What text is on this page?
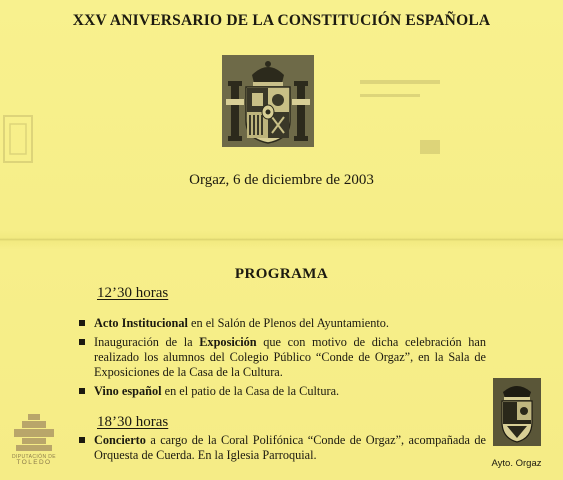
XXV ANIVERSARIO DE LA CONSTITUCIÓN ESPAÑOLA

Orgaz, 6 de diciembre de 2003

PROGRAMA
12’30 horas
Acto Institucional en el Salón de Plenos del Ayuntamiento.
Inauguración de la Exposición que con motivo de dicha celebración han realizado los alumnos del Colegio Público “Conde de Orgaz”, en la Sala de Exposiciones de la Casa de la Cultura.
Vino español en el patio de la Casa de la Cultura.
18’30 horas
Concierto a cargo de la Coral Polifónica “Conde de Orgaz”, acompañada de Orquesta de Cuerda. En la Iglesia Parroquial.

Ayto. Orgaz

DIPUTACIÓN DE
TOLEDO
